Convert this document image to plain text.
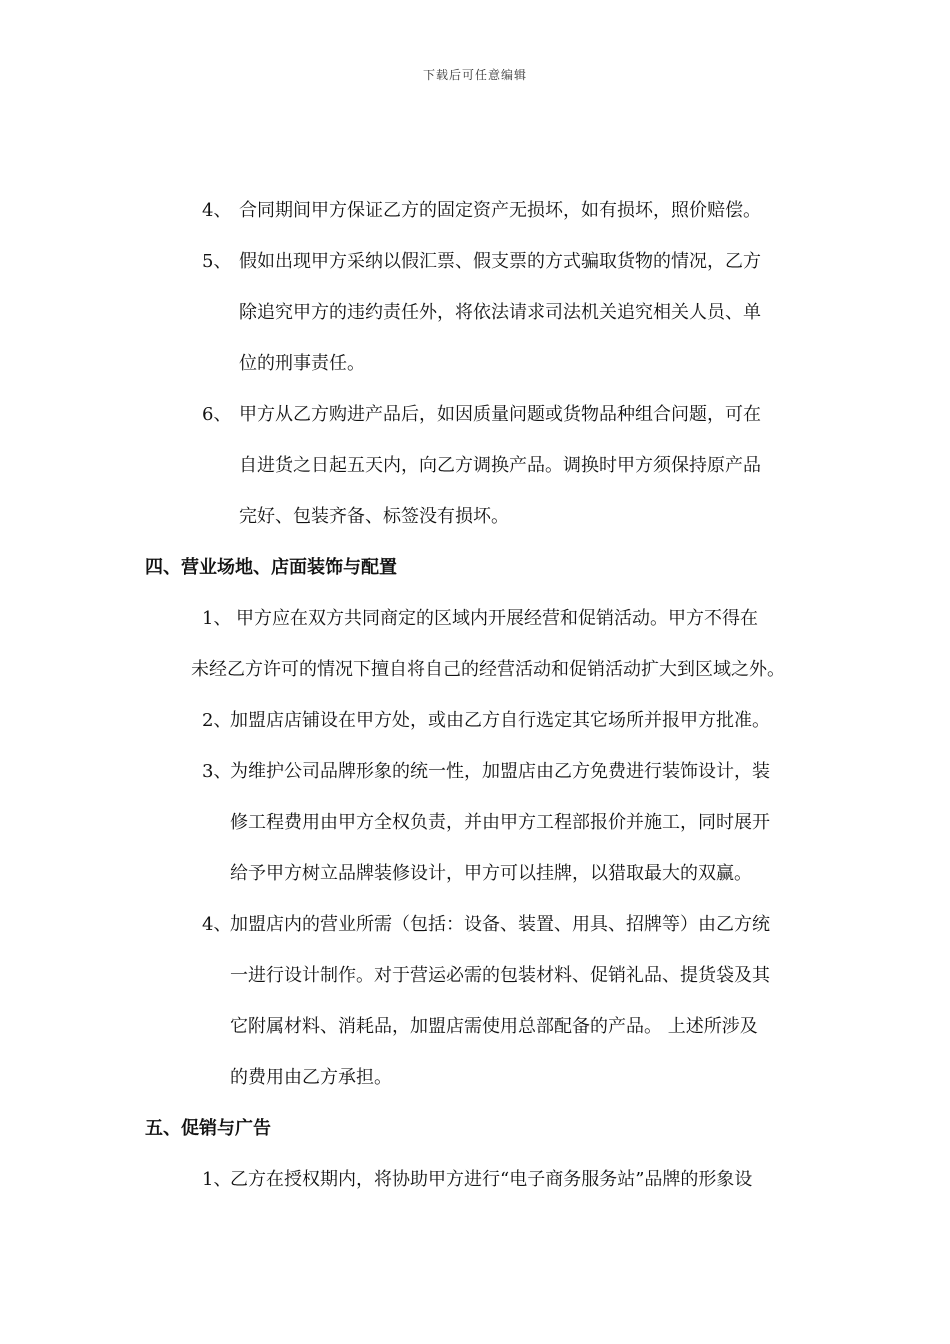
下载后可任意编辑
4、 合同期间甲方保证乙方的固定资产无损坏，如有损坏，照价赔偿。
5、 假如出现甲方采纳以假汇票、假支票的方式骗取货物的情况，乙方
除追究甲方的违约责任外，将依法请求司法机关追究相关人员、单
位的刑事责任。
6、 甲方从乙方购进产品后，如因质量问题或货物品种组合问题，可在
自进货之日起五天内，向乙方调换产品。调换时甲方须保持原产品
完好、包装齐备、标签没有损坏。
四、营业场地、店面装饰与配置
1、 甲方应在双方共同商定的区域内开展经营和促销活动。甲方不得在
未经乙方许可的情况下擅自将自己的经营活动和促销活动扩大到区域之外。
2、加盟店店铺设在甲方处，或由乙方自行选定其它场所并报甲方批准。
3、为维护公司品牌形象的统一性，加盟店由乙方免费进行装饰设计，装
修工程费用由甲方全权负责，并由甲方工程部报价并施工，同时展开
给予甲方树立品牌装修设计，甲方可以挂牌，以猎取最大的双赢。
4、加盟店内的营业所需（包括：设备、装置、用具、招牌等）由乙方统
一进行设计制作。对于营运必需的包装材料、促销礼品、提货袋及其
它附属材料、消耗品，加盟店需使用总部配备的产品。 上述所涉及
的费用由乙方承担。
五、促销与广告
1、乙方在授权期内，将协助甲方进行“电子商务服务站”品牌的形象设
